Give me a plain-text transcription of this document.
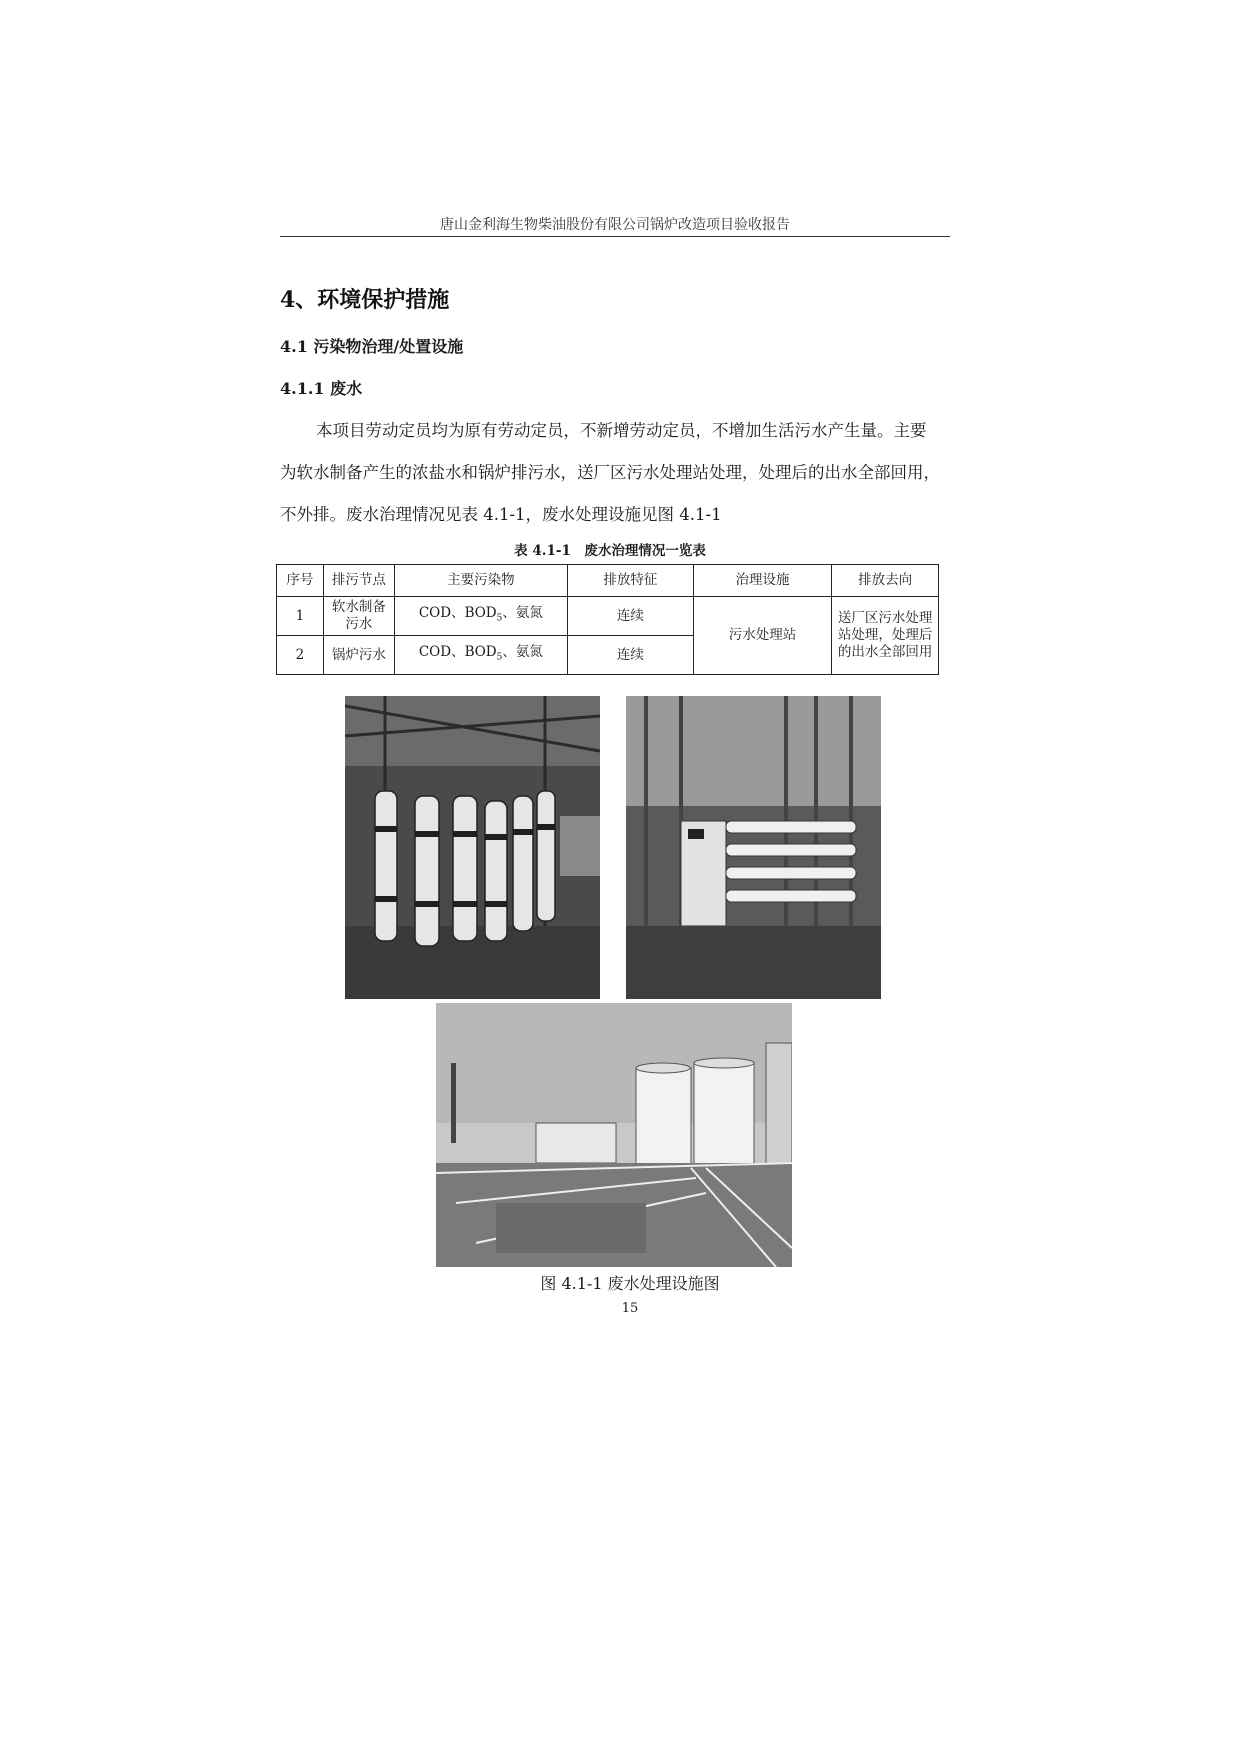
唐山金利海生物柴油股份有限公司锅炉改造项目验收报告
4、环境保护措施
4.1 污染物治理/处置设施
4.1.1 废水
本项目劳动定员均为原有劳动定员，不新增劳动定员，不增加生活污水产生量。主要
为软水制备产生的浓盐水和锅炉排污水，送厂区污水处理站处理，处理后的出水全部回用，
不外排。废水治理情况见表 4.1-1，废水处理设施见图 4.1-1
表 4.1-1　废水治理情况一览表
序号	排污节点	主要污染物	排放特征	治理设施	排放去向
1	软水制备污水	COD、$BOD_5$、氨氮	连续	污水处理站	送厂区污水处理站处理，处理后的出水全部回用
2	锅炉污水	COD、$BOD_5$、氨氮	连续		
图 4.1-1 废水处理设施图
15
